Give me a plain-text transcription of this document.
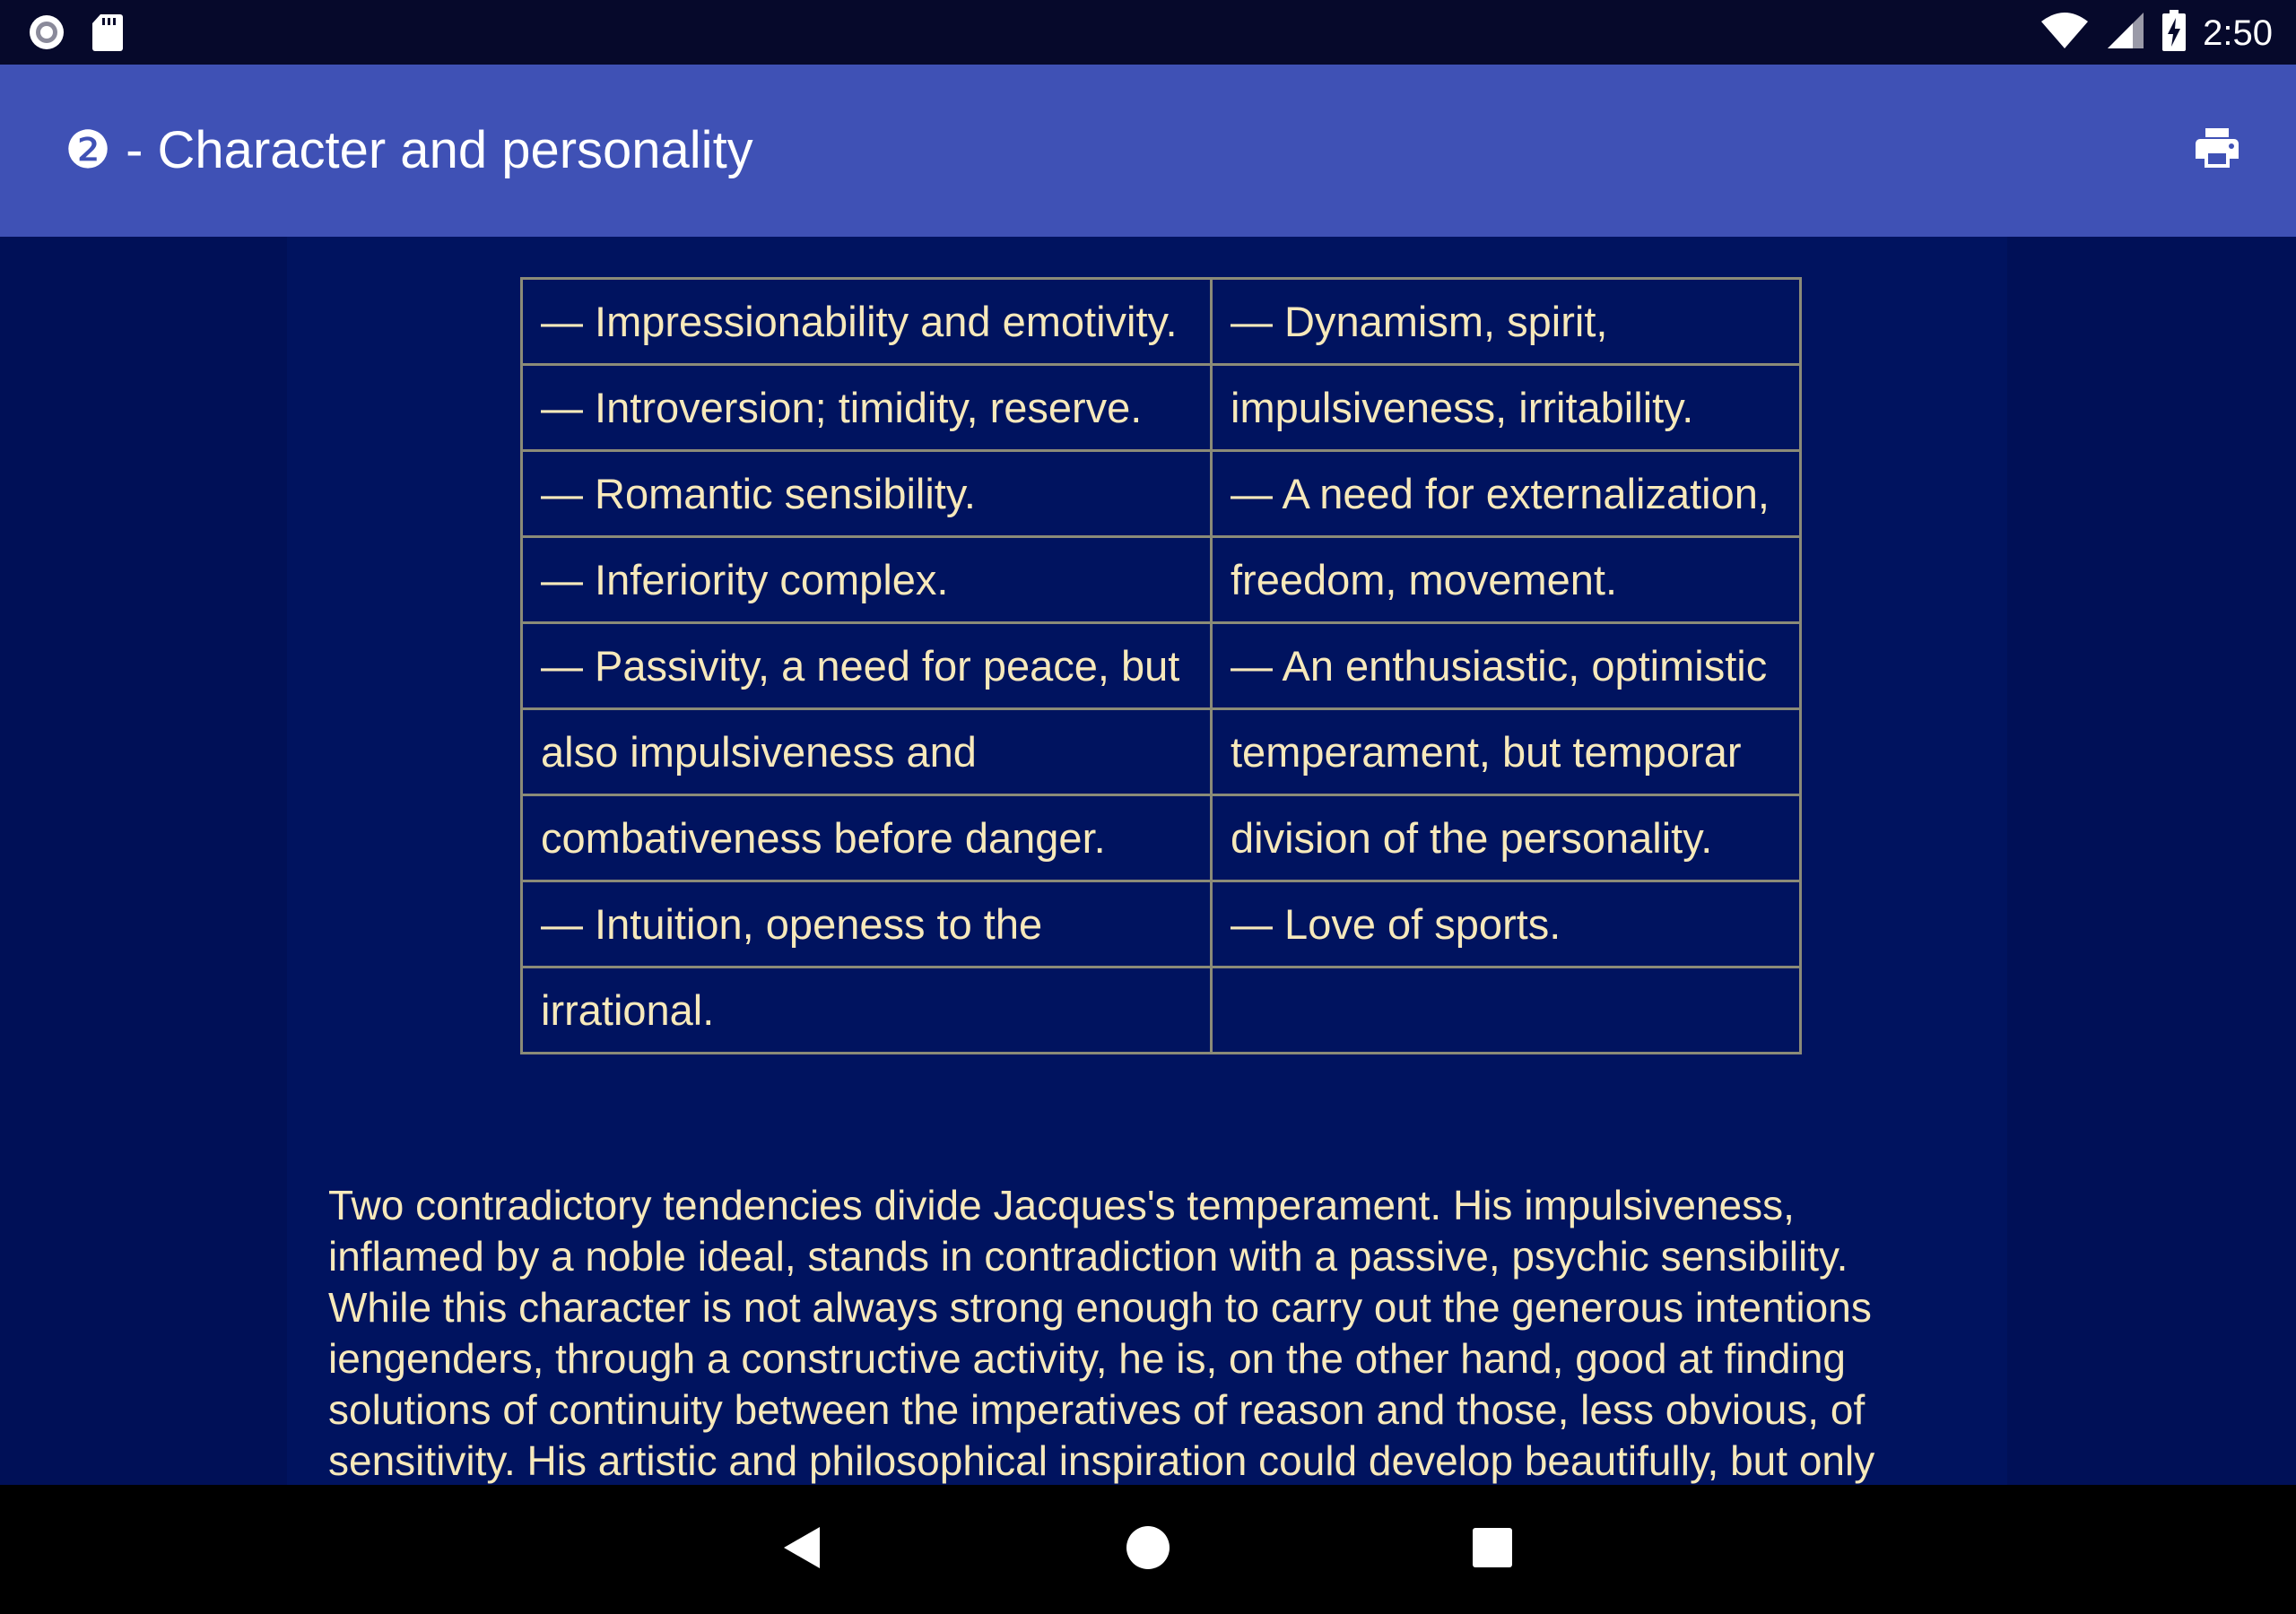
2:50
❷ - Character and personality
— Impressionability and emotivity.	— Dynamism, spirit,
— Introversion; timidity, reserve.	impulsiveness, irritability.
— Romantic sensibility.	— A need for externalization,
— Inferiority complex.	freedom, movement.
— Passivity, a need for peace, but	— An enthusiastic, optimistic
also impulsiveness and	temperament, but temporar
combativeness before danger.	division of the personality.
— Intuition, openess to the	— Love of sports.
irrational.	

Two contradictory tendencies divide Jacques's temperament. His impulsiveness,
inflamed by a noble ideal, stands in contradiction with a passive, psychic sensibility.
While this character is not always strong enough to carry out the generous intentions
iengenders, through a constructive activity, he is, on the other hand, good at finding
solutions of continuity between the imperatives of reason and those, less obvious, of
sensitivity. His artistic and philosophical inspiration could develop beautifully, but only
